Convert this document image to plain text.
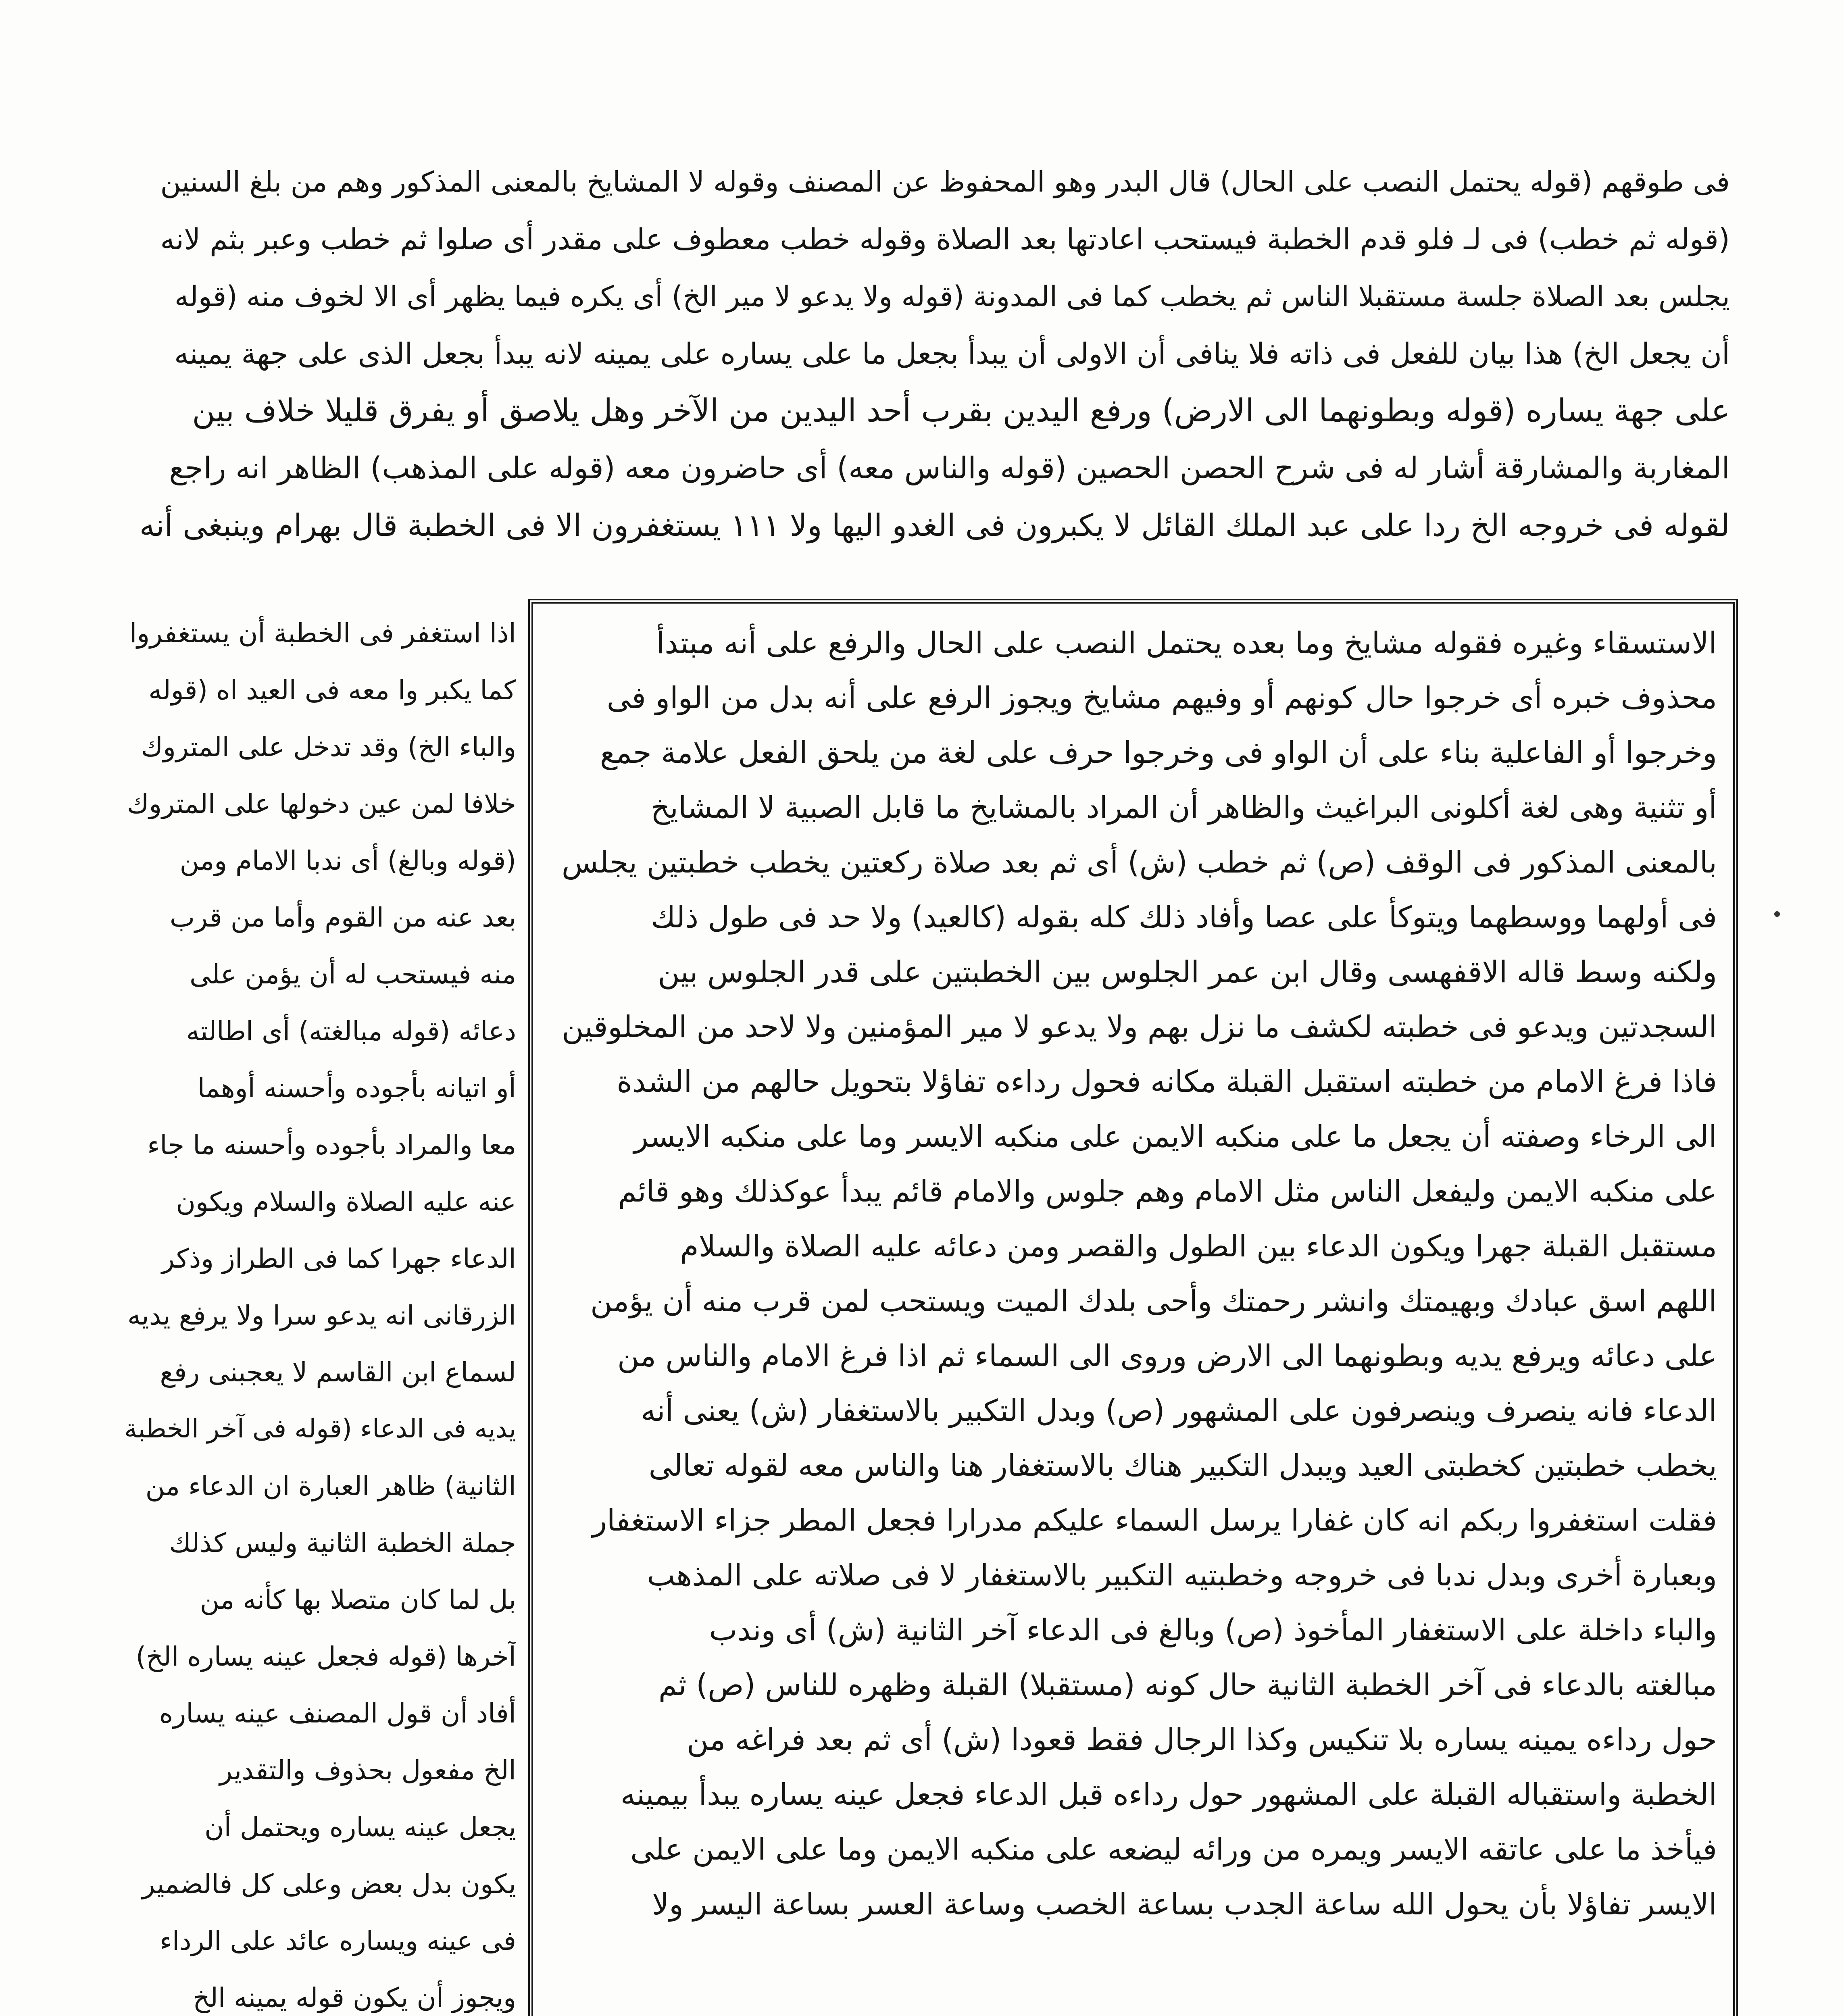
فى طوقهم (قوله يحتمل النصب على الحال) قال البدر وهو المحفوظ عن المصنف وقوله لا المشايخ بالمعنى المذكور وهم من بلغ السنين
(قوله ثم خطب) فى لـ فلو قدم الخطبة فيستحب اعادتها بعد الصلاة وقوله خطب معطوف على مقدر أى صلوا ثم خطب وعبر بثم لانه
يجلس بعد الصلاة جلسة مستقبلا الناس ثم يخطب كما فى المدونة (قوله ولا يدعو لا مير الخ) أى يكره فيما يظهر أى الا لخوف منه (قوله
أن يجعل الخ) هذا بيان للفعل فى ذاته فلا ينافى أن الاولى أن يبدأ بجعل ما على يساره على يمينه لانه يبدأ بجعل الذى على جهة يمينه
على جهة يساره (قوله وبطونهما الى الارض) ورفع اليدين بقرب أحد اليدين من الآخر وهل يلاصق أو يفرق قليلا خلاف بين
المغاربة والمشارقة أشار له فى شرح الحصن الحصين (قوله والناس معه) أى حاضرون معه (قوله على المذهب) الظاهر انه راجع
لقوله فى خروجه الخ ردا على عبد الملك القائل لا يكبرون فى الغدو اليها ولا ١١١ يستغفرون الا فى الخطبة قال بهرام وينبغى أنه
الاستسقاء وغيره فقوله مشايخ وما بعده يحتمل النصب على الحال والرفع على أنه مبتدأ
محذوف خبره أى خرجوا حال كونهم أو وفيهم مشايخ ويجوز الرفع على أنه بدل من الواو فى
وخرجوا أو الفاعلية بناء على أن الواو فى وخرجوا حرف على لغة من يلحق الفعل علامة جمع
أو تثنية وهى لغة أكلونى البراغيث والظاهر أن المراد بالمشايخ ما قابل الصبية لا المشايخ
بالمعنى المذكور فى الوقف (ص) ثم خطب (ش) أى ثم بعد صلاة ركعتين يخطب خطبتين يجلس
فى أولهما ووسطهما ويتوكأ على عصا وأفاد ذلك كله بقوله (كالعيد) ولا حد فى طول ذلك
ولكنه وسط قاله الاقفهسى وقال ابن عمر الجلوس بين الخطبتين على قدر الجلوس بين
السجدتين ويدعو فى خطبته لكشف ما نزل بهم ولا يدعو لا مير المؤمنين ولا لاحد من المخلوقين
فاذا فرغ الامام من خطبته استقبل القبلة مكانه فحول رداءه تفاؤلا بتحويل حالهم من الشدة
الى الرخاء وصفته أن يجعل ما على منكبه الايمن على منكبه الايسر وما على منكبه الايسر
على منكبه الايمن وليفعل الناس مثل الامام وهم جلوس والامام قائم يبدأ عوكذلك وهو قائم
مستقبل القبلة جهرا ويكون الدعاء بين الطول والقصر ومن دعائه عليه الصلاة والسلام
اللهم اسق عبادك وبهيمتك وانشر رحمتك وأحى بلدك الميت ويستحب لمن قرب منه أن يؤمن
على دعائه ويرفع يديه وبطونهما الى الارض وروى الى السماء ثم اذا فرغ الامام والناس من
الدعاء فانه ينصرف وينصرفون على المشهور (ص) وبدل التكبير بالاستغفار (ش) يعنى أنه
يخطب خطبتين كخطبتى العيد ويبدل التكبير هناك بالاستغفار هنا والناس معه لقوله تعالى
فقلت استغفروا ربكم انه كان غفارا يرسل السماء عليكم مدرارا فجعل المطر جزاء الاستغفار
وبعبارة أخرى وبدل ندبا فى خروجه وخطبتيه التكبير بالاستغفار لا فى صلاته على المذهب
والباء داخلة على الاستغفار المأخوذ (ص) وبالغ فى الدعاء آخر الثانية (ش) أى وندب
مبالغته بالدعاء فى آخر الخطبة الثانية حال كونه (مستقبلا) القبلة وظهره للناس (ص) ثم
حول رداءه يمينه يساره بلا تنكيس وكذا الرجال فقط قعودا (ش) أى ثم بعد فراغه من
الخطبة واستقباله القبلة على المشهور حول رداءه قبل الدعاء فجعل عينه يساره يبدأ بيمينه
فيأخذ ما على عاتقه الايسر ويمره من ورائه ليضعه على منكبه الايمن وما على الايمن على
الايسر تفاؤلا بأن يحول الله ساعة الجدب بساعة الخصب وساعة العسر بساعة اليسر ولا
اذا استغفر فى الخطبة أن يستغفروا
كما يكبر وا معه فى العيد اه (قوله
والباء الخ) وقد تدخل على المتروك
خلافا لمن عين دخولها على المتروك
(قوله وبالغ) أى ندبا الامام ومن
بعد عنه من القوم وأما من قرب
منه فيستحب له أن يؤمن على
دعائه (قوله مبالغته) أى اطالته
أو اتيانه بأجوده وأحسنه أوهما
معا والمراد بأجوده وأحسنه ما جاء
عنه عليه الصلاة والسلام ويكون
الدعاء جهرا كما فى الطراز وذكر
الزرقانى انه يدعو سرا ولا يرفع يديه
لسماع ابن القاسم لا يعجبنى رفع
يديه فى الدعاء (قوله فى آخر الخطبة
الثانية) ظاهر العبارة ان الدعاء من
جملة الخطبة الثانية وليس كذلك
بل لما كان متصلا بها كأنه من
آخرها (قوله فجعل عينه يساره الخ)
أفاد أن قول المصنف عينه يساره
الخ مفعول بحذوف والتقدير
يجعل عينه يساره ويحتمل أن
يكون بدل بعض وعلى كل فالضمير
فى عينه ويساره عائد على الرداء
ويجوز أن يكون قوله يمينه الخ
